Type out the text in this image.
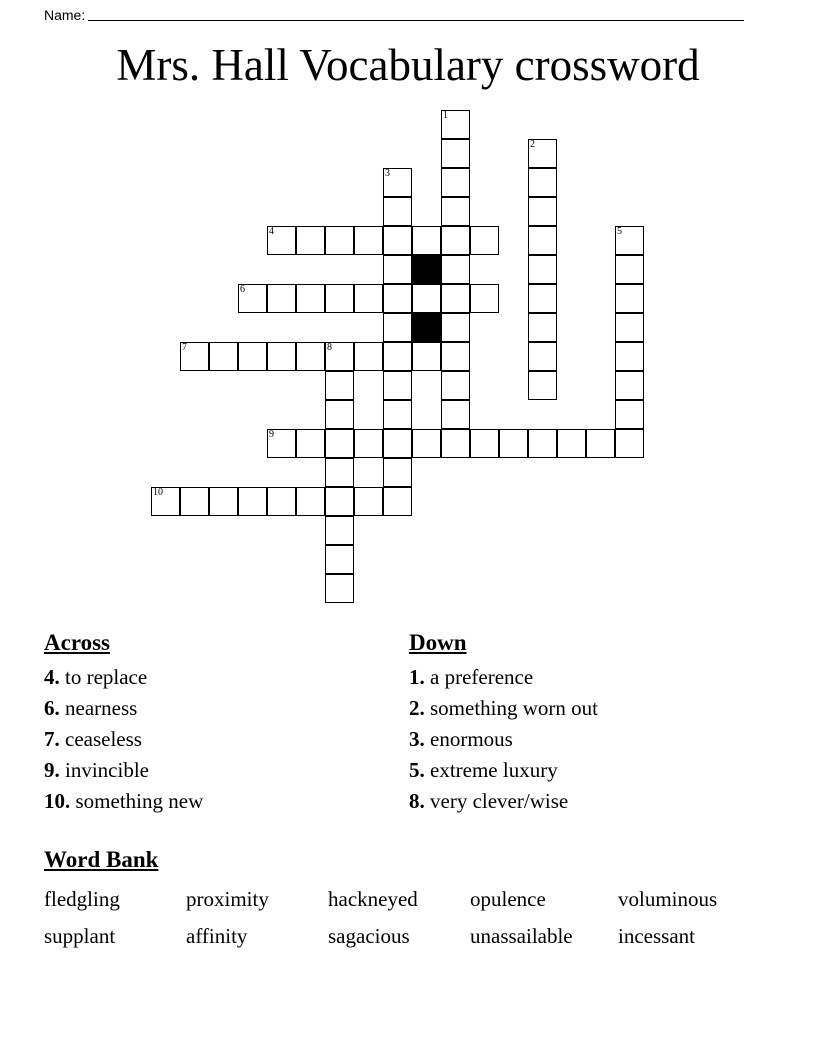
Name:
Mrs. Hall Vocabulary crossword
1
2
3
4	5
6
7	8
9
10
Across
4. to replace
6. nearness
7. ceaseless
9. invincible
10. something new
Down
1. a preference
2. something worn out
3. enormous
5. extreme luxury
8. very clever/wise
Word Bank
fledgling	proximity	hackneyed	opulence	voluminous
supplant	affinity	sagacious	unassailable	incessant
